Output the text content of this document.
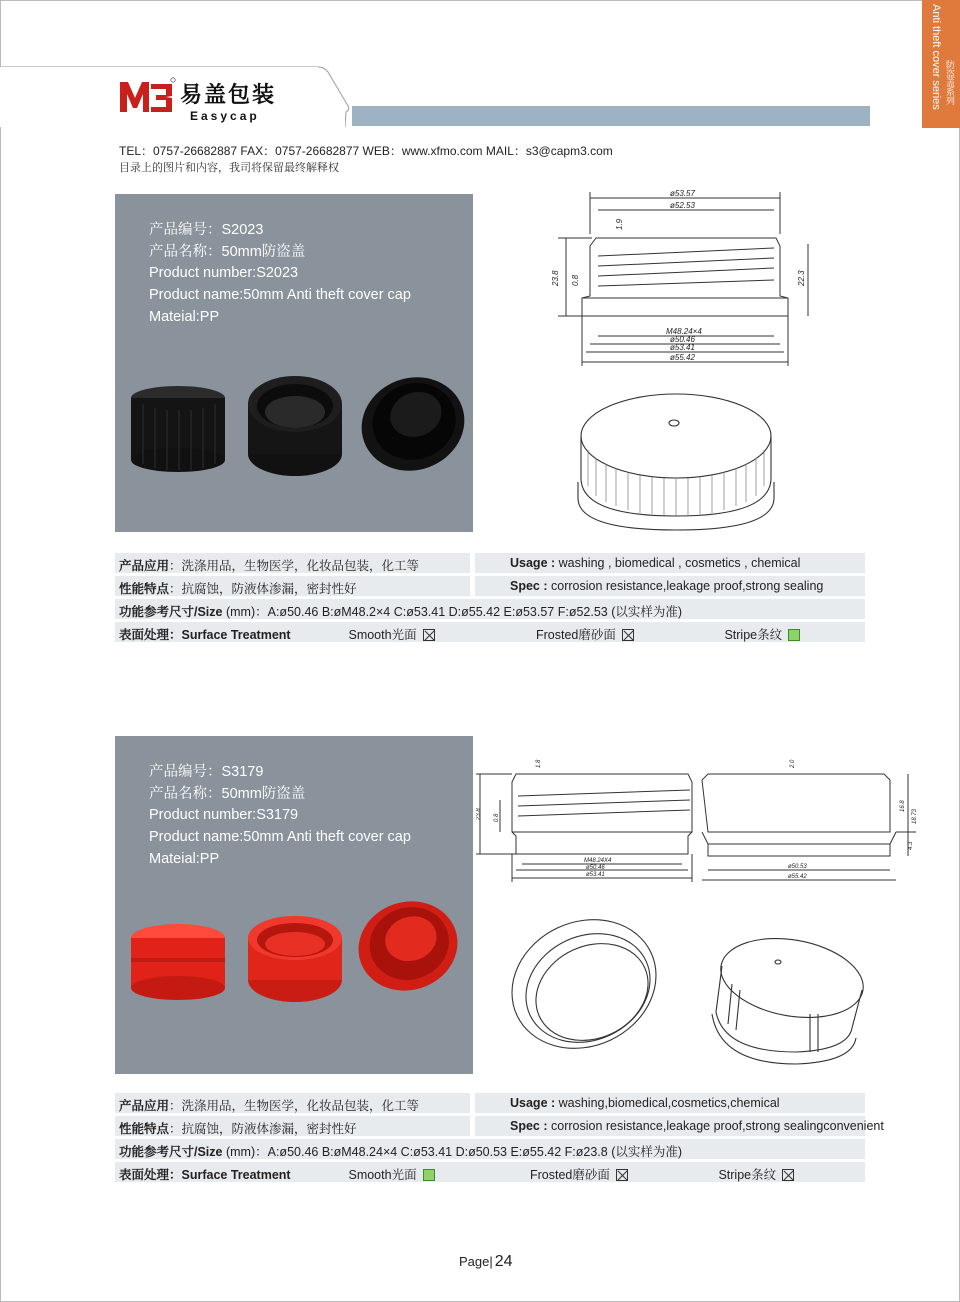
Anti theft cover series 防盗盖系列
易盖包装
Easycap
TEL：0757-26682887 FAX：0757-26682877 WEB：www.xfmo.com MAIL：s3@capm3.com
目录上的图片和内容，我司将保留最终解释权
产品编号：S2023
产品名称：50mm防盗盖
Product number:S2023
Product name:50mm Anti theft cover cap
Mateial:PP
ø53.57
ø52.53
23.8	22.3
0.8
1.9
M48.24×4
ø50.46
ø53.41
ø55.42
产品应用：洗涤用品，生物医学，化妆品包装，化工等	Usage : washing , biomedical , cosmetics , chemical
性能特点：抗腐蚀，防液体渗漏，密封性好	Spec : corrosion resistance,leakage proof,strong sealing
功能参考尺寸/Size (mm)：A:ø50.46 B:øM48.2×4 C:ø53.41 D:ø55.42 E:ø53.57 F:ø52.53 (以实样为准)
表面处理：Surface Treatment	Smooth光面	Frosted磨砂面	Stripe条纹
产品编号：S3179
产品名称：50mm防盗盖
Product number:S3179
Product name:50mm Anti theft cover cap
Mateial:PP
1.8
23.8 0.8
M48.24X4
ø50.46
ø53.41
ø50.53
ø55.42
16.8
18.73
2.0
4.3
产品应用：洗涤用品，生物医学，化妆品包装，化工等	Usage : washing,biomedical,cosmetics,chemical
性能特点：抗腐蚀，防液体渗漏，密封性好	Spec : corrosion resistance,leakage proof,strong sealingconvenient
功能参考尺寸/Size (mm)：A:ø50.46 B:øM48.24×4 C:ø53.41 D:ø50.53 E:ø55.42 F:ø23.8 (以实样为准)
表面处理：Surface Treatment	Smooth光面	Frosted磨砂面	Stripe条纹
Page| 24
